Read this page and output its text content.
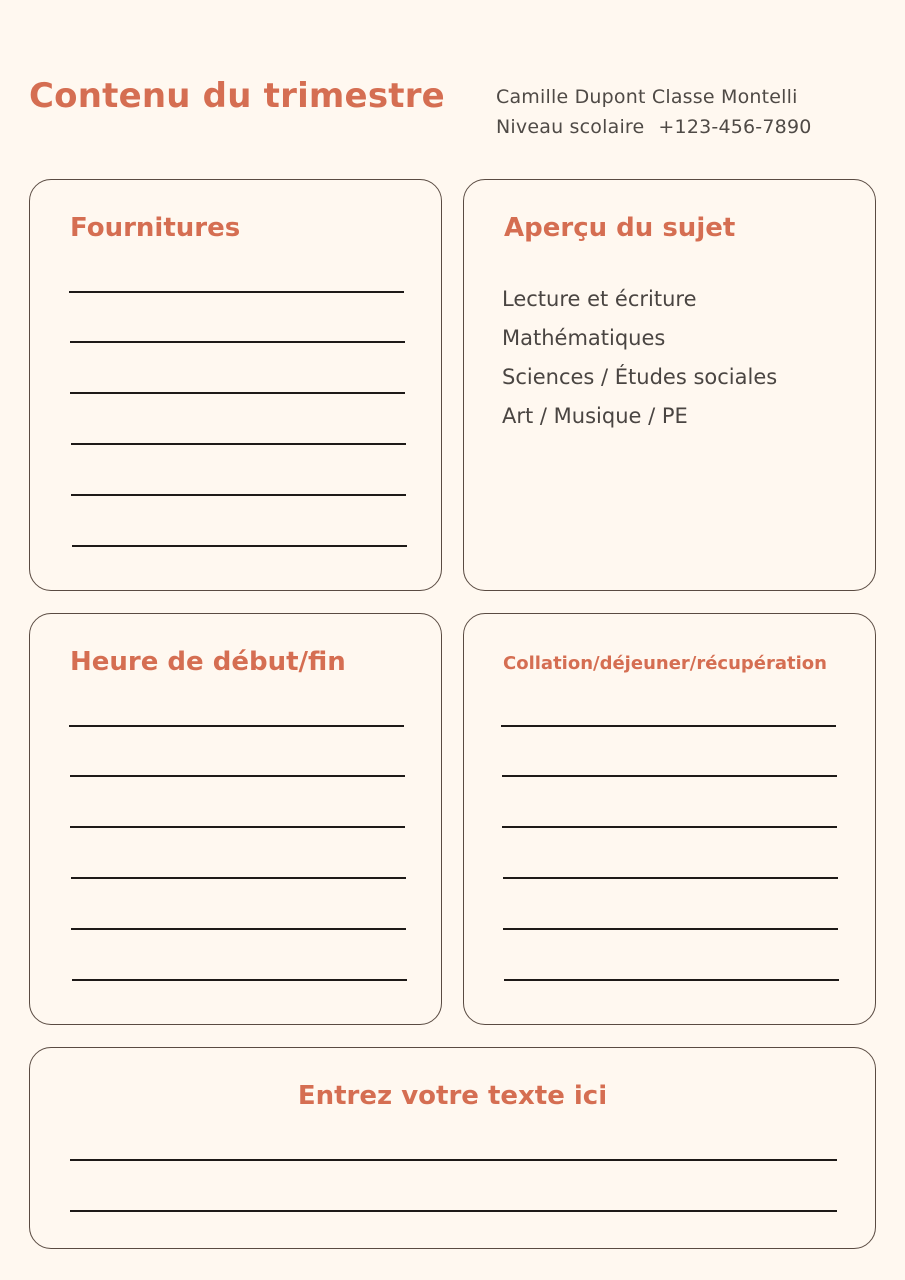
Contenu du trimestre	Camille Dupont Classe Montelli
Niveau scolaire +123-456-7890
Fournitures	Aperçu du sujet
Lecture et écriture
Mathématiques
Sciences / Études sociales
Art / Musique / PE
Heure de début/fin	Collation/déjeuner/récupération
Entrez votre texte ici
